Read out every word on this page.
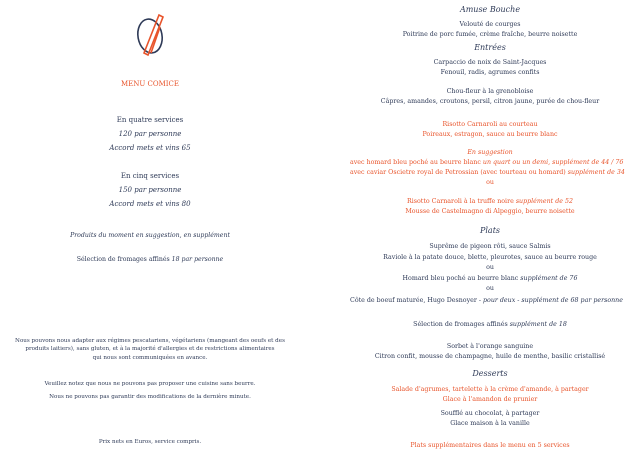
MENU COMICE
En quatre services
120 par personne
Accord mets et vins 65
En cinq services
150 par personne
Accord mets et vins 80
Produits du moment en suggestion, en supplément
Sélection de fromages affinés 18 par personne
Nous pouvons nous adapter aux régimes pescatariens, végétariens (mangeant des oeufs et des
produits laitiers), sans gluten, et à la majorité d'allergies et de restrictions alimentaires
qui nous sont communiquées en avance.
Veuillez notez que nous ne pouvons pas proposer une cuisine sans beurre.
Nous ne pouvons pas garantir des modifications de la dernière minute.
Prix nets en Euros, service compris.
Amuse Bouche
Velouté de courges
Poitrine de porc fumée, crème fraîche, beurre noisette
Entrées
Carpaccio de noix de Saint-Jacques
Fenouil, radis, agrumes confits
Chou-fleur à la grenobloise
Câpres, amandes, croutons, persil, citron jaune, purée de chou-fleur
Risotto Carnaroli au courteau
Poireaux, estragon, sauce au beurre blanc
En suggestion
avec homard bleu poché au beurre blanc un quart ou un demi, supplément de 44 / 76
avec caviar Oscietre royal de Petrossian (avec tourteau ou homard) supplément de 34
ou
Risotto Carnaroli à la truffe noire supplément de 52
Mousse de Castelmagno di Alpeggio, beurre noisette
Plats
Suprême de pigeon rôti, sauce Salmis
Raviole à la patate douce, blette, pleurotes, sauce au beurre rouge
ou
Homard bleu poché au beurre blanc supplément de 76
ou
Côte de boeuf maturée, Hugo Desnoyer - pour deux - supplément de 68 par personne
Sélection de fromages affinés supplément de 18
Sorbet à l'orange sanguine
Citron confit, mousse de champagne, huile de menthe, basilic cristallisé
Desserts
Salade d'agrumes, tartelette à la crème d'amande, à partager
Glace à l'amandon de prunier
Soufflé au chocolat, à partager
Glace maison à la vanille
Plats supplémentaires dans le menu en 5 services
